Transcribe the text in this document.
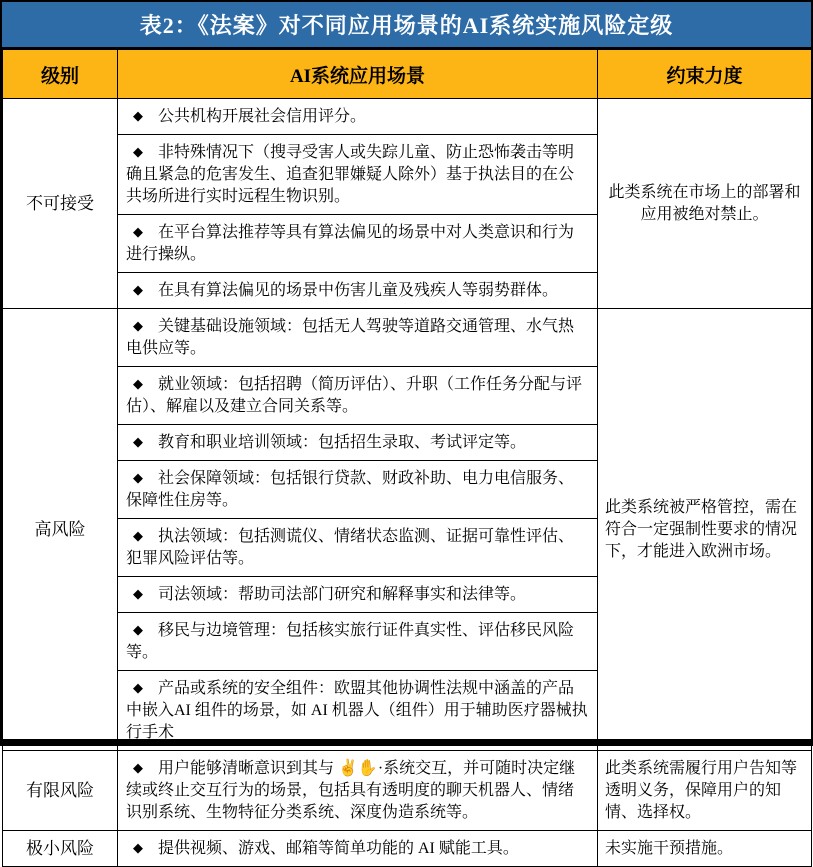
表2：《法案》对不同应用场景的AI系统实施风险定级
级别	AI系统应用场景	约束力度
不可接受	◆ 公共机构开展社会信用评分。	此类系统在市场上的部署和应用被绝对禁止。
	◆ 非特殊情况下（搜寻受害人或失踪儿童、防止恐怖袭击等明确且紧急的危害发生、追查犯罪嫌疑人除外）基于执法目的在公共场所进行实时远程生物识别。	
	◆ 在平台算法推荐等具有算法偏见的场景中对人类意识和行为进行操纵。	
	◆ 在具有算法偏见的场景中伤害儿童及残疾人等弱势群体。	
高风险	◆ 关键基础设施领域：包括无人驾驶等道路交通管理、水气热电供应等。	此类系统被严格管控，需在符合一定强制性要求的情况下，才能进入欧洲市场。
	◆ 就业领域：包括招聘（简历评估）、升职（工作任务分配与评估）、解雇以及建立合同关系等。	
	◆ 教育和职业培训领域：包括招生录取、考试评定等。	
	◆ 社会保障领域：包括银行贷款、财政补助、电力电信服务、保障性住房等。	
	◆ 执法领域：包括测谎仪、情绪状态监测、证据可靠性评估、犯罪风险评估等。	
	◆ 司法领域：帮助司法部门研究和解释事实和法律等。	
	◆ 移民与边境管理：包括核实旅行证件真实性、评估移民风险等。	
	◆ 产品或系统的安全组件：欧盟其他协调性法规中涵盖的产品中嵌入AI 组件的场景，如 AI 机器人（组件）用于辅助医疗器械执行手术	
有限风险	◆ 用户能够清晰意识到其与 ✌✋·系统交互，并可随时决定继续或终止交互行为的场景，包括具有透明度的聊天机器人、情绪识别系统、生物特征分类系统、深度伪造系统等。	此类系统需履行用户告知等透明义务，保障用户的知情、选择权。
极小风险	◆ 提供视频、游戏、邮箱等简单功能的 AI 赋能工具。	未实施干预措施。
